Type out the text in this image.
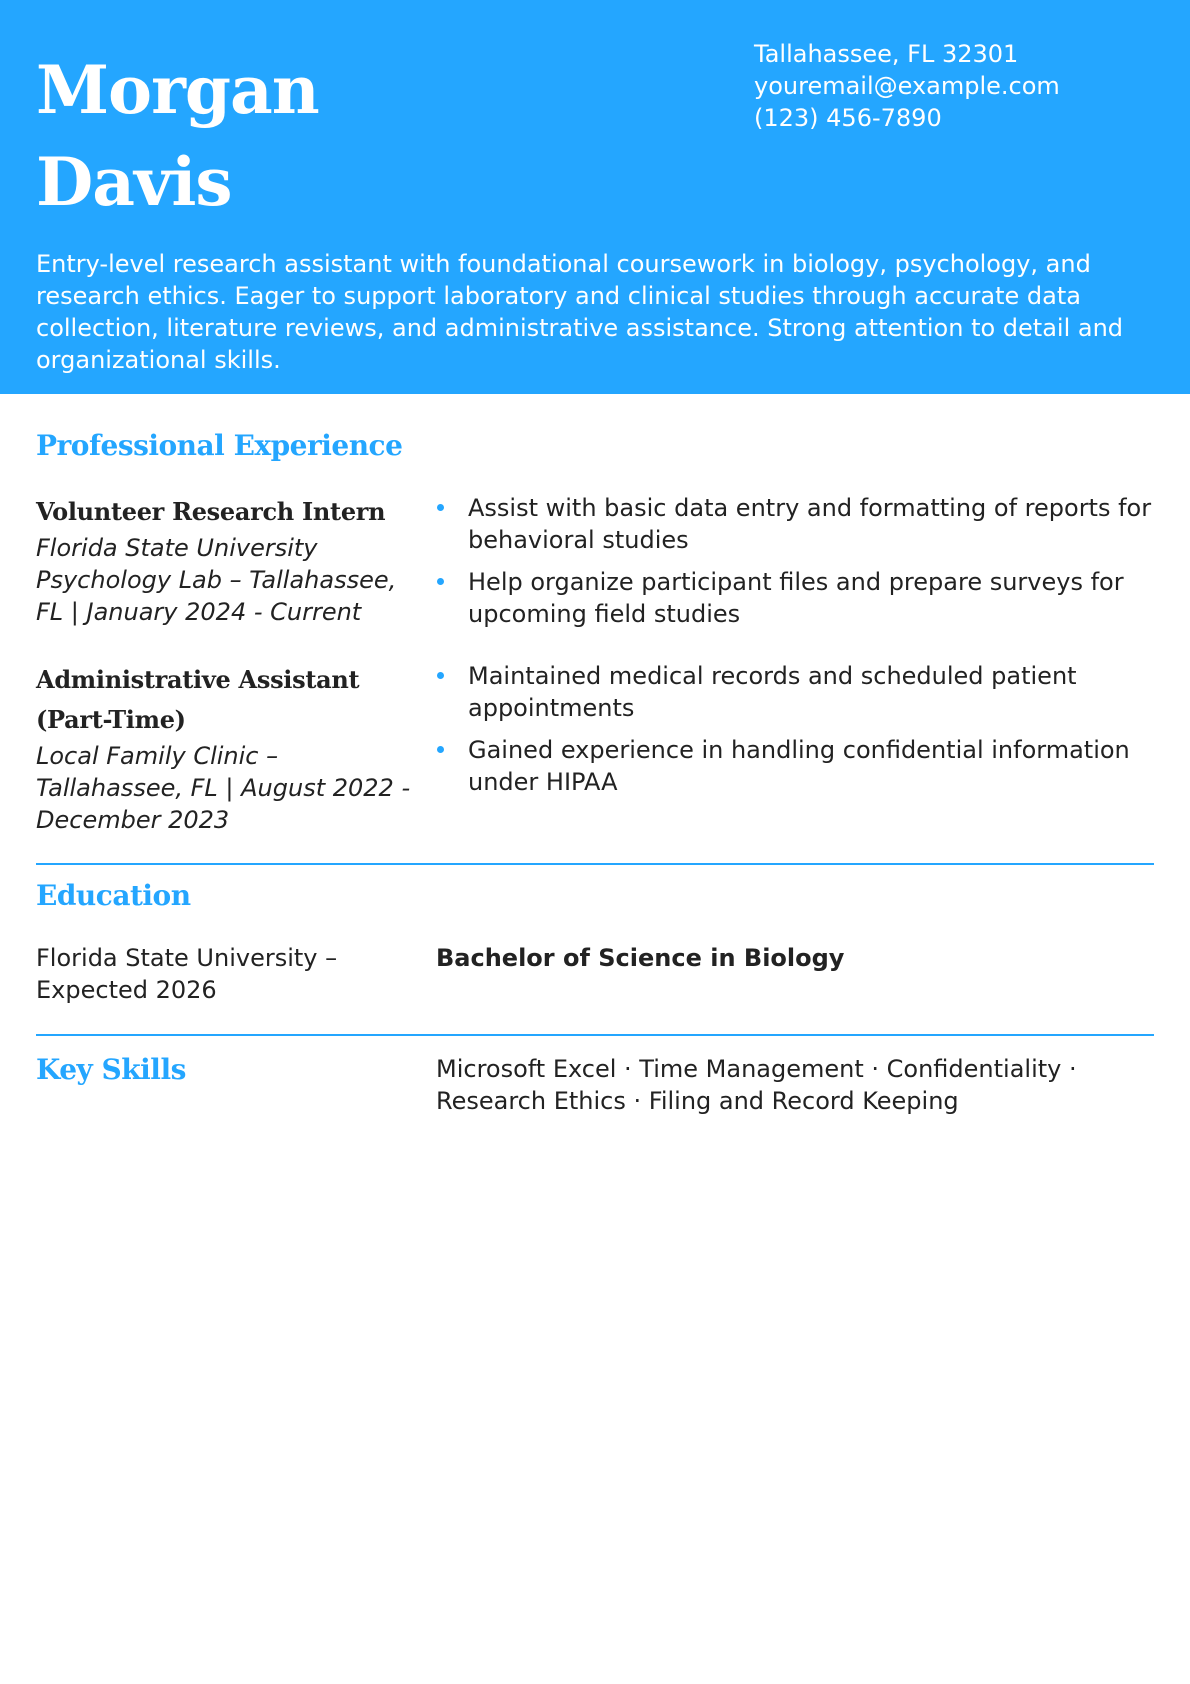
Morgan
Davis
Tallahassee, FL 32301
youremail@example.com
(123) 456-7890

Entry-level research assistant with foundational coursework in biology, psychology, and research ethics. Eager to support laboratory and clinical studies through accurate data collection, literature reviews, and administrative assistance. Strong attention to detail and organizational skills.

Professional Experience
Volunteer Research Intern
Florida State University Psychology Lab – Tallahassee, FL | January 2024 - Current
Assist with basic data entry and formatting of reports for behavioral studies
Help organize participant files and prepare surveys for upcoming field studies
Administrative Assistant (Part-Time)
Local Family Clinic – Tallahassee, FL | August 2022 - December 2023
Maintained medical records and scheduled patient appointments
Gained experience in handling confidential information under HIPAA
Education
Florida State University – Expected 2026
Bachelor of Science in Biology
Key Skills	Microsoft Excel · Time Management · Confidentiality · Research Ethics · Filing and Record Keeping
